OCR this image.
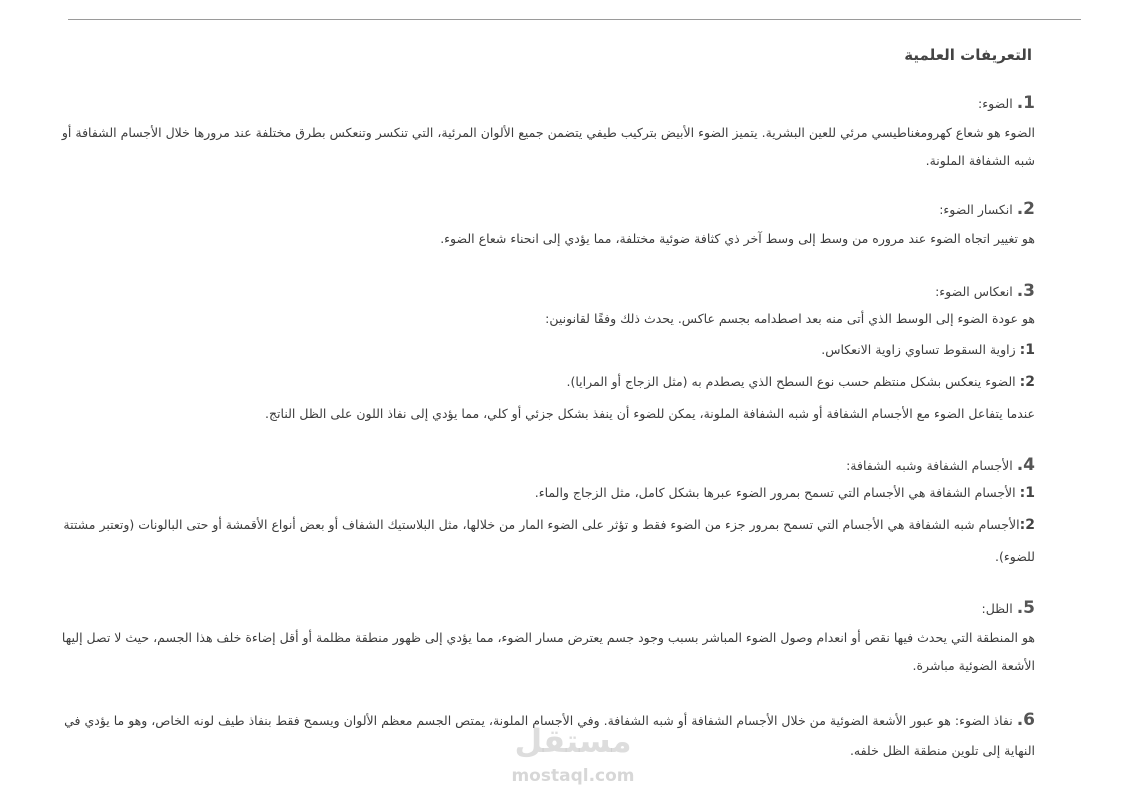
التعريفات العلمية

1. الضوء:

الضوء هو شعاع كهرومغناطيسي مرئي للعين البشرية. يتميز الضوء الأبيض بتركيب طيفي يتضمن جميع الألوان المرئية، التي تنكسر وتنعكس بطرق مختلفة عند مرورها خلال الأجسام الشفافة أو شبه الشفافة الملونة.

2. انكسار الضوء:

هو تغيير اتجاه الضوء عند مروره من وسط إلى وسط آخر ذي كثافة ضوئية مختلفة، مما يؤدي إلى انحناء شعاع الضوء.

3. انعكاس الضوء:

هو عودة الضوء إلى الوسط الذي أتى منه بعد اصطدامه بجسم عاكس. يحدث ذلك وفقًا لقانونين:

1: زاوية السقوط تساوي زاوية الانعكاس.

2: الضوء ينعكس بشكل منتظم حسب نوع السطح الذي يصطدم به (مثل الزجاج أو المرايا).

عندما يتفاعل الضوء مع الأجسام الشفافة أو شبه الشفافة الملونة، يمكن للضوء أن ينفذ بشكل جزئي أو كلي، مما يؤدي إلى نفاذ اللون على الظل الناتج.

4. الأجسام الشفافة وشبه الشفافة:

1: الأجسام الشفافة هي الأجسام التي تسمح بمرور الضوء عبرها بشكل كامل، مثل الزجاج والماء.

2:الأجسام شبه الشفافة هي الأجسام التي تسمح بمرور جزء من الضوء فقط و تؤثر على الضوء المار من خلالها، مثل البلاستيك الشفاف أو بعض أنواع الأقمشة أو حتى البالونات (وتعتبر مشتتة للضوء).

5. الظل:

هو المنطقة التي يحدث فيها نقص أو انعدام وصول الضوء المباشر بسبب وجود جسم يعترض مسار الضوء، مما يؤدي إلى ظهور منطقة مظلمة أو أقل إضاءة خلف هذا الجسم، حيث لا تصل إليها الأشعة الضوئية مباشرة.

6. نفاذ الضوء: هو عبور الأشعة الضوئية من خلال الأجسام الشفافة أو شبه الشفافة. وفي الأجسام الملونة، يمتص الجسم معظم الألوان ويسمح فقط بنفاذ طيف لونه الخاص، وهو ما يؤدي في النهاية إلى تلوين منطقة الظل خلفه.

مستقل
mostaql.com
